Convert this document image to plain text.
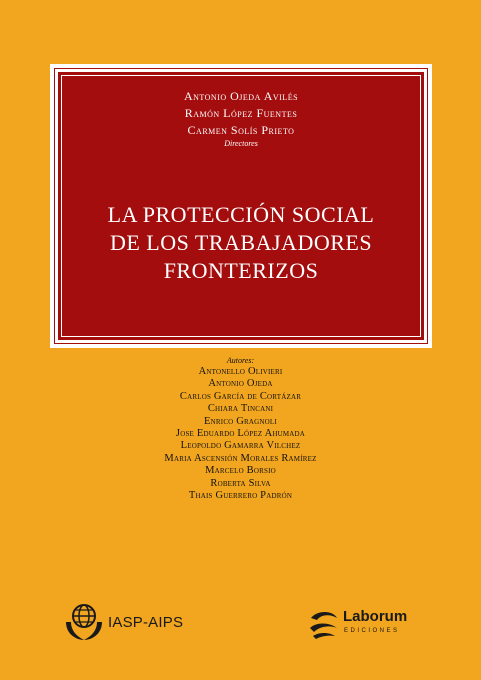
Antonio Ojeda Avilés
Ramón López Fuentes
Carmen Solís Prieto
Directores
LA PROTECCIÓN SOCIAL
DE LOS TRABAJADORES
FRONTERIZOS
Autores:
Antonello Olivieri
Antonio Ojeda
Carlos García de Cortázar
Chiara Tincani
Enrico Gragnoli
Jose Eduardo López Ahumada
Leopoldo Gamarra Vilchez
Maria Ascensión Morales Ramírez
Marcelo Borsio
Roberta Silva
Thais Guerrero Padrón
IASP-AIPS	Laborum
EDICIONES
